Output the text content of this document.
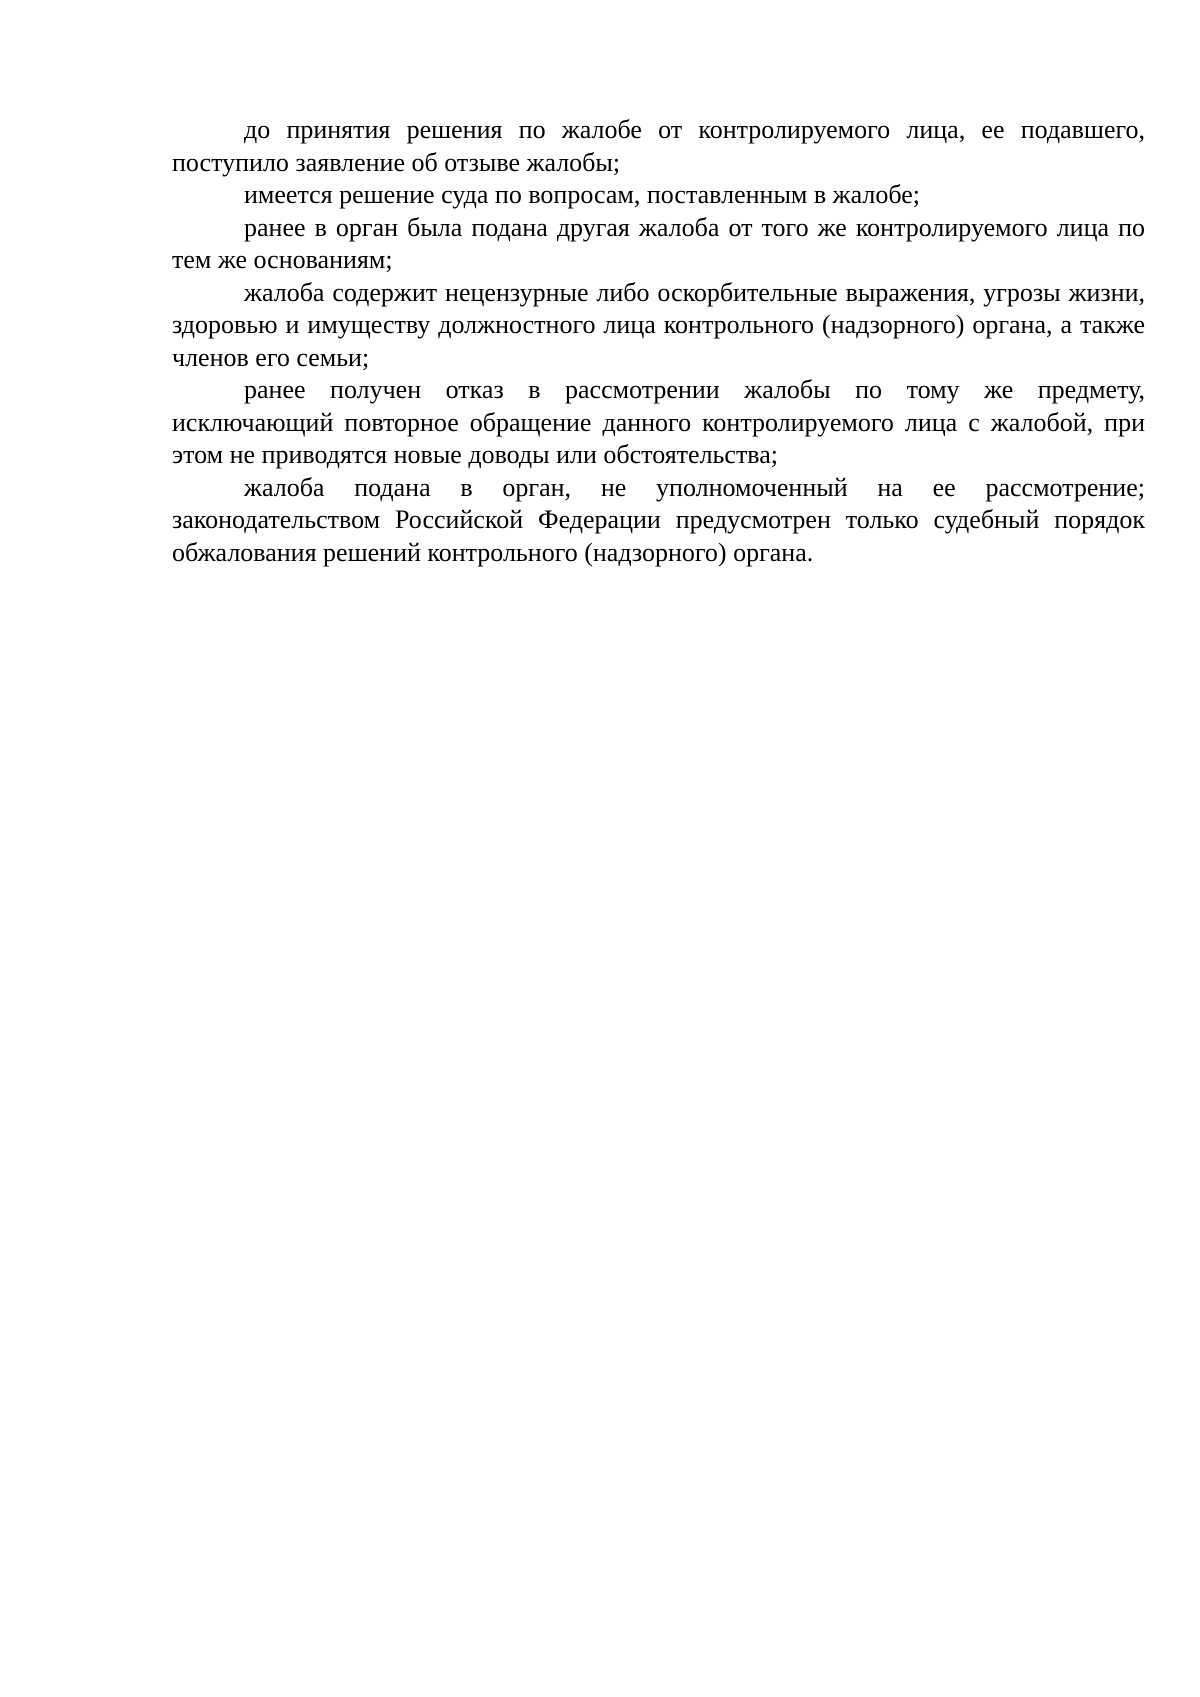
до принятия решения по жалобе от контролируемого лица, ее подавшего, поступило заявление об отзыве жалобы;

имеется решение суда по вопросам, поставленным в жалобе;

ранее в орган была подана другая жалоба от того же контролируемого лица по тем же основаниям;

жалоба содержит нецензурные либо оскорбительные выражения, угрозы жизни, здоровью и имуществу должностного лица контрольного (надзорного) органа, а также членов его семьи;

ранее получен отказ в рассмотрении жалобы по тому же предмету, исключающий повторное обращение данного контролируемого лица с жалобой, при этом не приводятся новые доводы или обстоятельства;

жалоба подана в орган, не уполномоченный на ее рассмотрение; законодательством Российской Федерации предусмотрен только судебный порядок обжалования решений контрольного (надзорного) органа.
